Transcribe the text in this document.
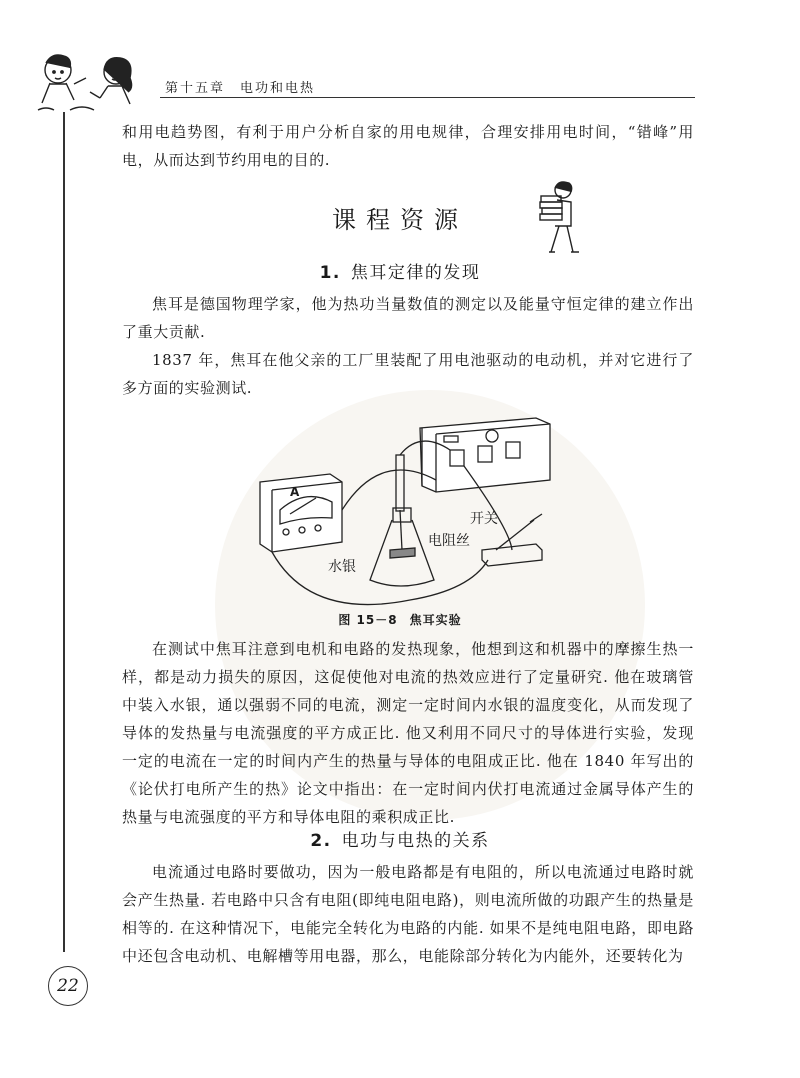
第十五章　电功和电热

和用电趋势图，有利于用户分析自家的用电规律，合理安排用电时间，“错峰”用电，从而达到节约用电的目的.

课程资源
1. 焦耳定律的发现

焦耳是德国物理学家，他为热功当量数值的测定以及能量守恒定律的建立作出了重大贡献.

1837 年，焦耳在他父亲的工厂里装配了用电池驱动的电动机，并对它进行了多方面的实验测试.

A
开关
电阻丝
水银
图 15－8 焦耳实验

在测试中焦耳注意到电机和电路的发热现象，他想到这和机器中的摩擦生热一样，都是动力损失的原因，这促使他对电流的热效应进行了定量研究. 他在玻璃管中装入水银，通以强弱不同的电流，测定一定时间内水银的温度变化，从而发现了导体的发热量与电流强度的平方成正比. 他又利用不同尺寸的导体进行实验，发现一定的电流在一定的时间内产生的热量与导体的电阻成正比. 他在 1840 年写出的《论伏打电所产生的热》论文中指出：在一定时间内伏打电流通过金属导体产生的热量与电流强度的平方和导体电阻的乘积成正比.

2. 电功与电热的关系

电流通过电路时要做功，因为一般电路都是有电阻的，所以电流通过电路时就会产生热量. 若电路中只含有电阻(即纯电阻电路)，则电流所做的功跟产生的热量是相等的. 在这种情况下，电能完全转化为电路的内能. 如果不是纯电阻电路，即电路中还包含电动机、电解槽等用电器，那么，电能除部分转化为内能外，还要转化为

22
